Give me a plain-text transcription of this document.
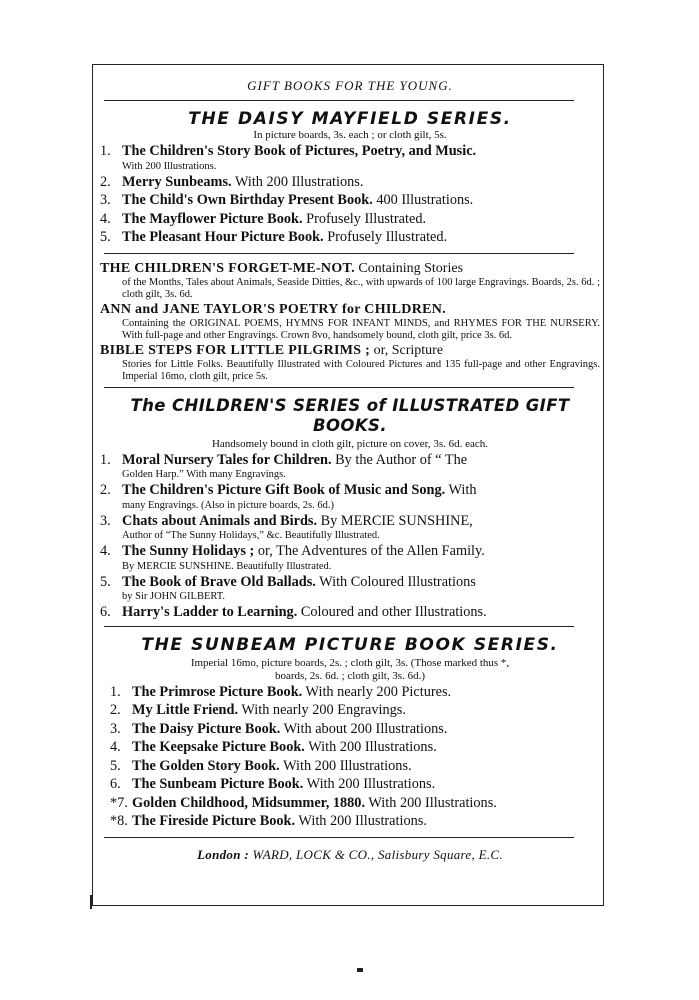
GIFT BOOKS FOR THE YOUNG.
THE DAISY MAYFIELD SERIES.
In picture boards, 3s. each ; or cloth gilt, 5s.
1. The Children's Story Book of Pictures, Poetry, and Music.
With 200 Illustrations.
2. Merry Sunbeams. With 200 Illustrations.
3. The Child's Own Birthday Present Book. 400 Illustrations.
4. The Mayflower Picture Book. Profusely Illustrated.
5. The Pleasant Hour Picture Book. Profusely Illustrated.
THE CHILDREN'S FORGET-ME-NOT. Containing Stories
of the Months, Tales about Animals, Seaside Ditties, &c., with upwards of 100 large Engravings. Boards, 2s. 6d. ; cloth gilt, 3s. 6d.
ANN and JANE TAYLOR'S POETRY for CHILDREN.
Containing the ORIGINAL POEMS, HYMNS FOR INFANT MINDS, and RHYMES FOR THE NURSERY. With full-page and other Engravings. Crown 8vo, handsomely bound, cloth gilt, price 3s. 6d.
BIBLE STEPS FOR LITTLE PILGRIMS ; or, Scripture
Stories for Little Folks. Beautifully Illustrated with Coloured Pictures and 135 full-page and other Engravings. Imperial 16mo, cloth gilt, price 5s.
The CHILDREN'S SERIES of ILLUSTRATED GIFT BOOKS.
Handsomely bound in cloth gilt, picture on cover, 3s. 6d. each.
1. Moral Nursery Tales for Children. By the Author of “ The
Golden Harp.” With many Engravings.
2. The Children's Picture Gift Book of Music and Song. With
many Engravings. (Also in picture boards, 2s. 6d.)
3. Chats about Animals and Birds. By MERCIE SUNSHINE,
Author of “The Sunny Holidays,” &c. Beautifully Illustrated.
4. The Sunny Holidays ; or, The Adventures of the Allen Family.
By MERCIE SUNSHINE. Beautifully Illustrated.
5. The Book of Brave Old Ballads. With Coloured Illustrations
by Sir JOHN GILBERT.
6. Harry's Ladder to Learning. Coloured and other Illustrations.
THE SUNBEAM PICTURE BOOK SERIES.
Imperial 16mo, picture boards, 2s. ; cloth gilt, 3s. (Those marked thus *,
boards, 2s. 6d. ; cloth gilt, 3s. 6d.)
1. The Primrose Picture Book. With nearly 200 Pictures.
2. My Little Friend. With nearly 200 Engravings.
3. The Daisy Picture Book. With about 200 Illustrations.
4. The Keepsake Picture Book. With 200 Illustrations.
5. The Golden Story Book. With 200 Illustrations.
6. The Sunbeam Picture Book. With 200 Illustrations.
*7. Golden Childhood, Midsummer, 1880. With 200 Illustrations.
*8. The Fireside Picture Book. With 200 Illustrations.
London : WARD, LOCK & CO., Salisbury Square, E.C.
